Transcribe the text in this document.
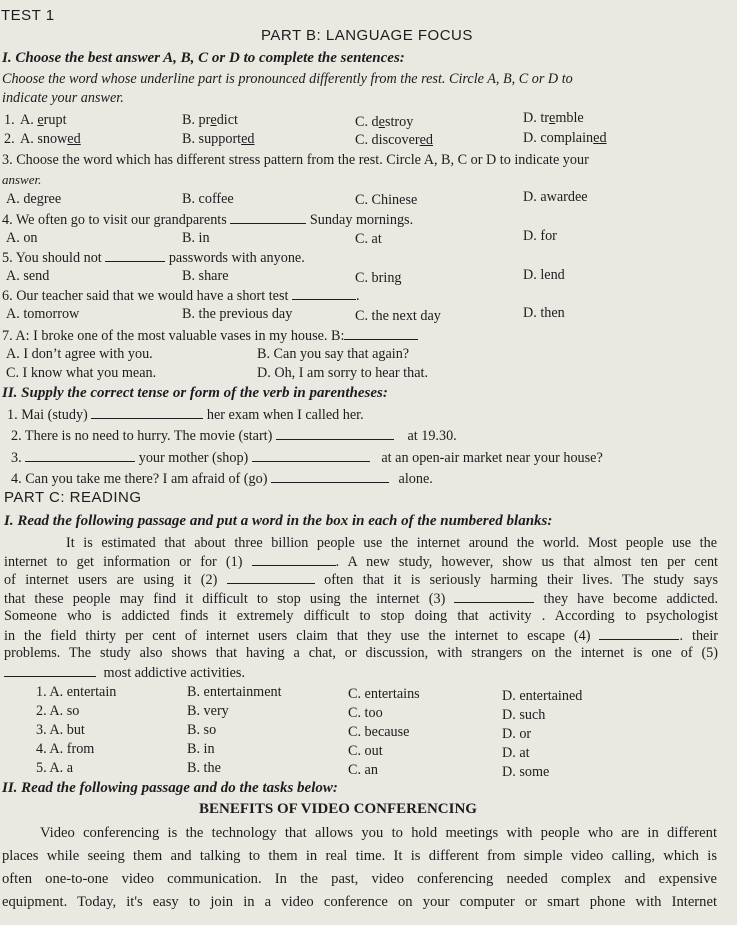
TEST 1
PART B: LANGUAGE FOCUS
I. Choose the best answer A, B, C or D to complete the sentences:
Choose the word whose underline part is pronounced differently from the rest. Circle A, B, C or D to
indicate your answer.
1. A. erupt	B. predict	C. destroy	D. tremble
2. A. snowed	B. supported	C. discovered	D. complained
3. Choose the word which has different stress pattern from the rest. Circle A, B, C or D to indicate your
answer.
A. degree	B. coffee	C. Chinese	D. awardee
4. We often go to visit our grandparents	Sunday mornings.
A. on	B. in	C. at	D. for
5. You should not	passwords with anyone.
A. send	B. share	C. bring	D. lend
6. Our teacher said that we would have a short test	.
A. tomorrow	B. the previous day	C. the next day	D. then
7. A: I broke one of the most valuable vases in my house. B:
A. I don’t agree with you.	B. Can you say that again?
C. I know what you mean.	D. Oh, I am sorry to hear that.
II. Supply the correct tense or form of the verb in parentheses:
1. Mai (study)	her exam when I called her.
2. There is no need to hurry. The movie (start)	at 19.30.
3.	your mother (shop)	at an open-air market near your house?
4. Can you take me there? I am afraid of (go)	alone.
PART C: READING
I. Read the following passage and put a word in the box in each of the numbered blanks:
It is estimated that about three billion people use the internet around the world. Most people use the
internet to get information or for (1)	. A new study, however, show us that almost ten per cent
of internet users are using it (2)	often that it is seriously harming their lives. The study says
that these people may find it difficult to stop using the internet (3)	they have become addicted.
Someone who is addicted finds it extremely difficult to stop doing that activity . According to psychologist
in the field thirty per cent of internet users claim that they use the internet to escape (4)	. their
problems. The study also shows that having a chat, or discussion, with strangers on the internet is one of (5)
most addictive activities.
1. A. entertain	B. entertainment	C. entertains	D. entertained
2. A. so	B. very	C. too	D. such
3. A. but	B. so	C. because	D. or
4. A. from	B. in	C. out	D. at
5. A. a	B. the	C. an	D. some
II. Read the following passage and do the tasks below:
BENEFITS OF VIDEO CONFERENCING
Video conferencing is the technology that allows you to hold meetings with people who are in different
places while seeing them and talking to them in real time. It is different from simple video calling, which is
often one-to-one video communication. In the past, video conferencing needed complex and expensive
equipment. Today, it's easy to join in a video conference on your computer or smart phone with Internet
